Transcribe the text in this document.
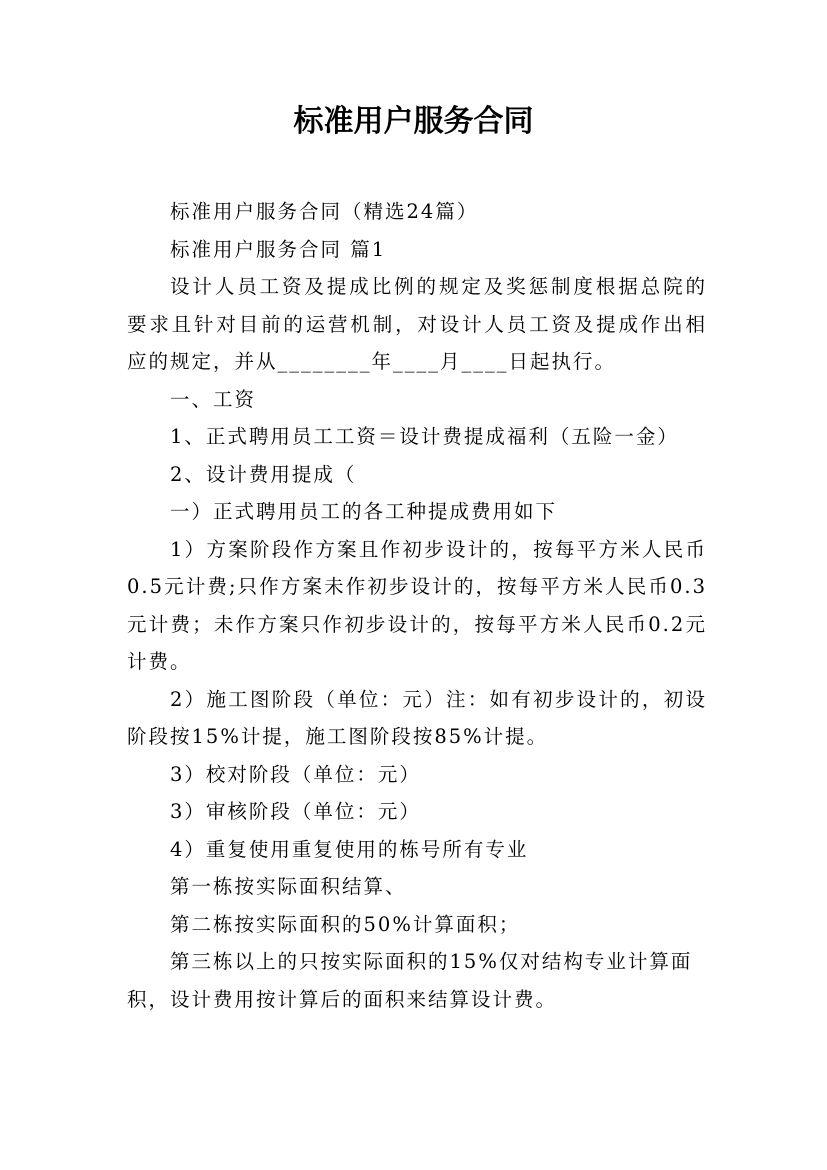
标准用户服务合同

标准用户服务合同（精选24篇）

标准用户服务合同 篇1

设计人员工资及提成比例的规定及奖惩制度根据总院的要求且针对目前的运营机制，对设计人员工资及提成作出相应的规定，并从________年____月____日起执行。

一、工资

1、正式聘用员工工资＝设计费提成福利（五险一金）

2、设计费用提成（

一）正式聘用员工的各工种提成费用如下

1）方案阶段作方案且作初步设计的，按每平方米人民币0.5元计费;只作方案未作初步设计的，按每平方米人民币0.3元计费；未作方案只作初步设计的，按每平方米人民币0.2元计费。

2）施工图阶段（单位：元）注：如有初步设计的，初设阶段按15%计提，施工图阶段按85%计提。

3）校对阶段（单位：元）

3）审核阶段（单位：元）

4）重复使用重复使用的栋号所有专业

第一栋按实际面积结算、

第二栋按实际面积的50%计算面积；

第三栋以上的只按实际面积的15%仅对结构专业计算面积，设计费用按计算后的面积来结算设计费。
